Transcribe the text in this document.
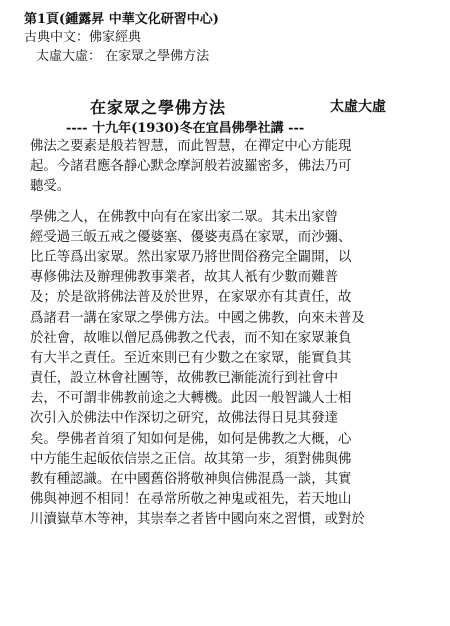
第1頁(鍾露昇 中華文化研習中心)
古典中文：佛家經典
太虛大虛： 在家眾之學佛方法
在家眾之學佛方法	太虛大虛
---- 十九年(1930)冬在宜昌佛學社講 ---
佛法之要素是般若智慧，而此智慧，在禪定中心方能現
起。今諸君應各靜心默念摩訶般若波羅密多，佛法乃可
聽受。
學佛之人，在佛教中向有在家出家二眾。其未出家曾
經受過三皈五戒之優婆塞、優婆夷爲在家眾，而沙彌、
比丘等爲出家眾。然出家眾乃將世間俗務完全闢開，以
專修佛法及辦理佛教事業者，故其人衹有少數而難普
及；於是欲將佛法普及於世界，在家眾亦有其責任，故
爲諸君一講在家眾之學佛方法。中國之佛教，向來未普及
於社會，故唯以僧尼爲佛教之代表，而不知在家眾兼負
有大半之責任。至近來則已有少數之在家眾，能實負其
責任，設立林會社團等，故佛教已漸能流行到社會中
去，不可謂非佛教前途之大轉機。此因一般智識人士相
次引入於佛法中作深切之研究，故佛法得日見其發達
矣。學佛者首須了知如何是佛，如何是佛教之大概，心
中方能生起皈依信崇之正信。故其第一步，須對佛與佛
教有種認識。在中國舊俗將敬神與信佛混爲一談，其實
佛與神迥不相同！在尋常所敬之神鬼或祖先，若天地山
川瀆嶽草木等神，其崇奉之者皆中國向來之習慣，或對於
